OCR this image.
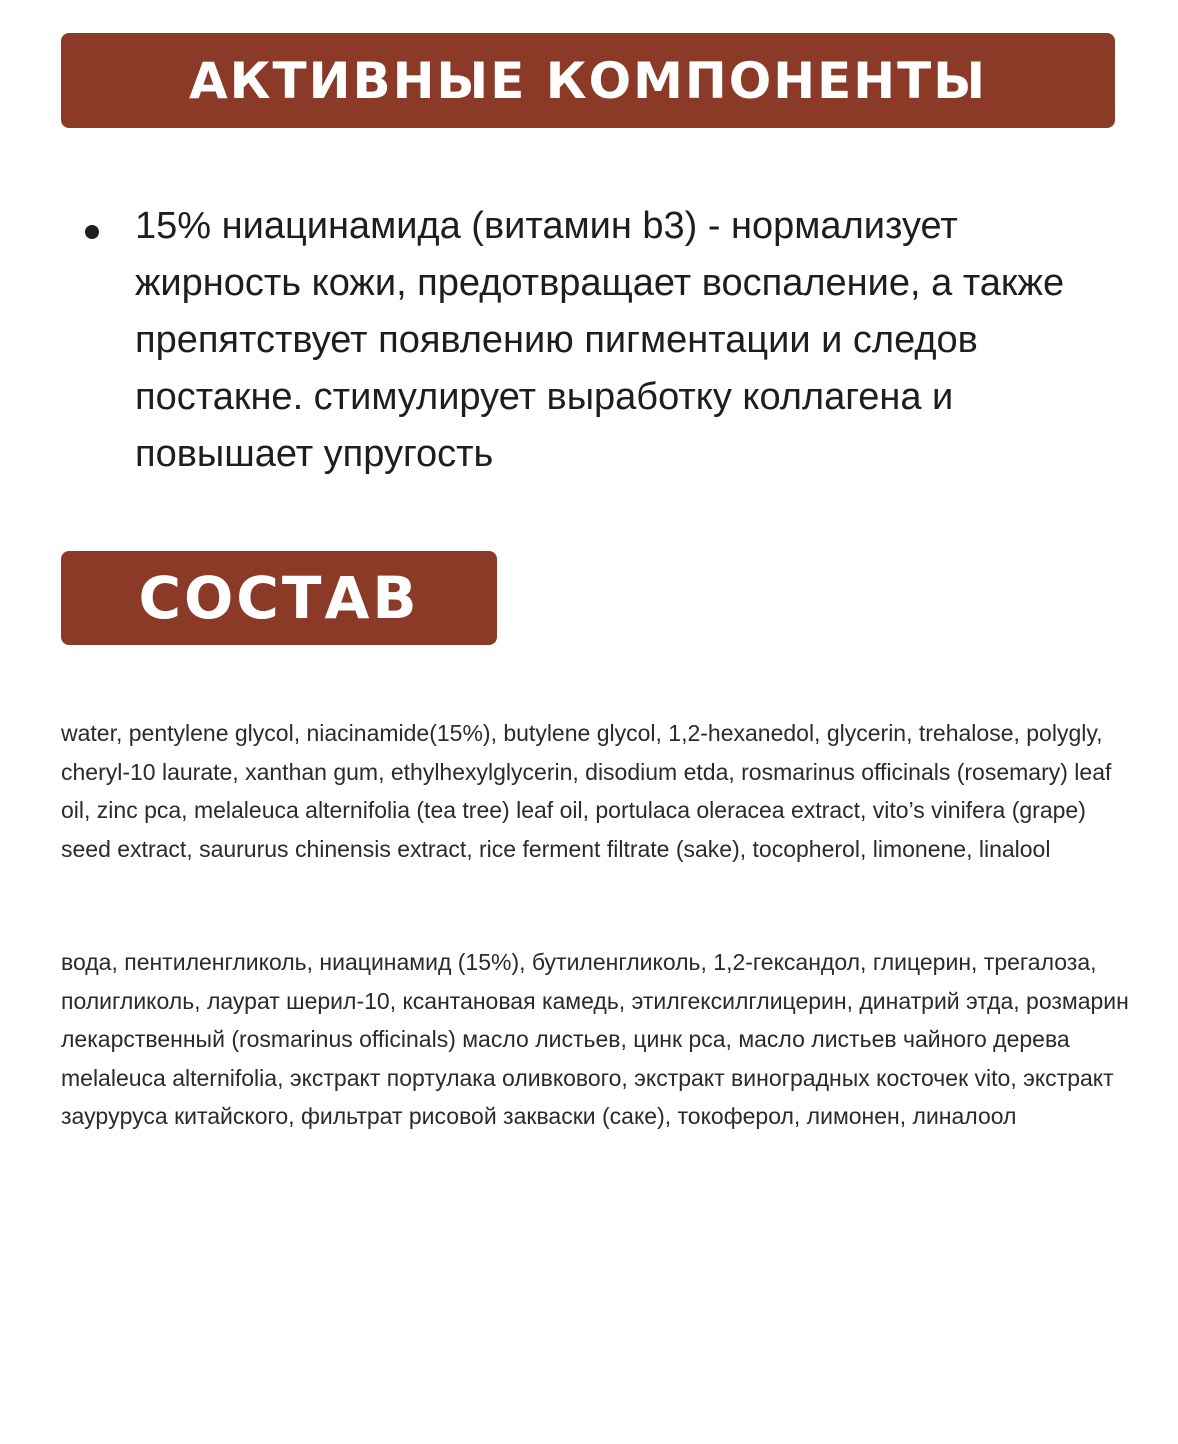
АКТИВНЫЕ КОМПОНЕНТЫ
15% ниацинамида (витамин b3) - нормализует жирность кожи, предотвращает воспаление, а также препятствует появлению пигментации и следов постакне. стимулирует выработку коллагена и повышает упругость
СОСТАВ

water, pentylene glycol, niacinamide(15%), butylene glycol, 1,2-hexanedol, glycerin, trehalose, polygly, cheryl-10 laurate, xanthan gum, ethylhexylglycerin, disodium etda, rosmarinus officinals (rosemary) leaf oil, zinc pca, melaleuca alternifolia (tea tree) leaf oil, portulaca oleracea extract, vito’s vinifera (grape) seed extract, saururus chinensis extract, rice ferment filtrate (sake), tocopherol, limonene, linalool

вода, пентиленгликоль, ниацинамид (15%), бутиленгликоль, 1,2-гександол, глицерин, трегалоза, полигликоль, лаурат шерил-10, ксантановая камедь, этилгексилглицерин, динатрий этда, розмарин лекарственный (rosmarinus officinals) масло листьев, цинк pca, масло листьев чайного дерева melaleuca alternifolia, экстракт портулака оливкового, экстракт виноградных косточек vito, экстракт заурyруса китайского, фильтрат рисовой закваски (саке), токоферол, лимонен, линалоол
